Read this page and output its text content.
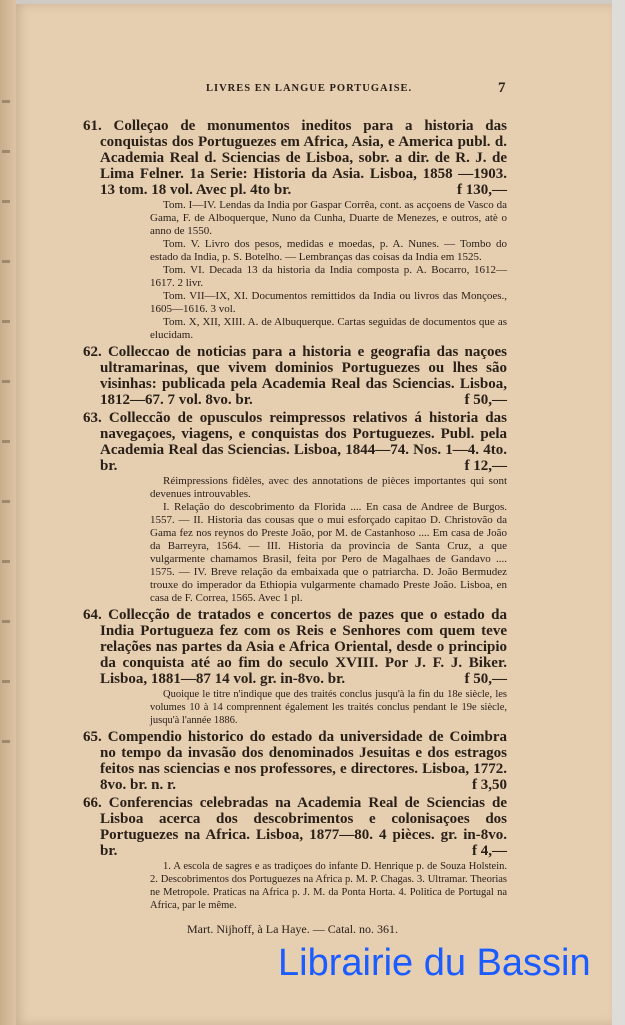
LIVRES EN LANGUE PORTUGAISE.	7
61. Colleçao de monumentos ineditos para a historia das conquistas dos Portuguezes em Africa, Asia, e America publ. d. Academia Real d. Sciencias de Lisboa, sobr. a dir. de R. J. de Lima Felner. 1a Serie: Historia da Asia. Lisboa, 1858 —1903. 13 tom. 18 vol. Avec pl. 4to br.	f 130,—

Tom. I—IV. Lendas da India por Gaspar Corrêa, cont. as acçoens de Vasco da Gama, F. de Alboquerque, Nuno da Cunha, Duarte de Menezes, e outros, atè o anno de 1550.

Tom. V. Livro dos pesos, medidas e moedas, p. A. Nunes. — Tombo do estado da India, p. S. Botelho. — Lembranças das coisas da India em 1525.

Tom. VI. Decada 13 da historia da India composta p. A. Bocarro, 1612—1617. 2 livr.

Tom. VII—IX, XI. Documentos remittidos da India ou livros das Monçoes., 1605—1616. 3 vol.

Tom. X, XII, XIII. A. de Albuquerque. Cartas seguidas de documentos que as elucidam.

62. Colleccao de noticias para a historia e geografia das naçoes ultramarinas, que vivem dominios Portuguezes ou lhes são visinhas: publicada pela Academia Real das Sciencias. Lisboa, 1812—67. 7 vol. 8vo. br.	f 50,—
63. Colleccão de opusculos reimpressos relativos á historia das navegaçoes, viagens, e conquistas dos Portuguezes. Publ. pela Academia Real das Sciencias. Lisboa, 1844—74. Nos. 1—4. 4to. br.	f 12,—

Réimpressions fidèles, avec des annotations de pièces importantes qui sont devenues introuvables.

I. Relação do descobrimento da Florida .... En casa de Andree de Burgos. 1557. — II. Historia das cousas que o mui esforçado capitao D. Christovão da Gama fez nos reynos do Preste João, por M. de Castanhoso .... Em casa de João da Barreyra, 1564. — III. Historia da provincia de Santa Cruz, a que vulgarmente chamamos Brasil, feita por Pero de Magalhaes de Gandavo .... 1575. — IV. Breve relação da embaixada que o patriarcha. D. João Bermudez trouxe do imperador da Ethiopia vulgarmente chamado Preste João. Lisboa, en casa de F. Correa, 1565. Avec 1 pl.

64. Collecção de tratados e concertos de pazes que o estado da India Portugueza fez com os Reis e Senhores com quem teve relações nas partes da Asia e Africa Oriental, desde o principio da conquista até ao fim do seculo XVIII. Por J. F. J. Biker. Lisboa, 1881—87 14 vol. gr. in-8vo. br.	f 50,—

Quoique le titre n'indique que des traités conclus jusqu'à la fin du 18e siècle, les volumes 10 à 14 comprennent également les traités conclus pendant le 19e siècle, jusqu'à l'année 1886.

65. Compendio historico do estado da universidade de Coimbra no tempo da invasão dos denominados Jesuitas e dos estragos feitos nas sciencias e nos professores, e directores. Lisboa, 1772. 8vo. br. n. r.	f 3,50
66. Conferencias celebradas na Academia Real de Sciencias de Lisboa acerca dos descobrimentos e colonisaçoes dos Portuguezes na Africa. Lisboa, 1877—80. 4 pièces. gr. in-8vo. br.	f 4,—

1. A escola de sagres e as tradiçoes do infante D. Henrique p. de Souza Holstein. 2. Descobrimentos dos Portuguezes na Africa p. M. P. Chagas. 3. Ultramar. Theorias ne Metropole. Praticas na Africa p. J. M. da Ponta Horta. 4. Politica de Portugal na Africa, par le même.

Mart. Nijhoff, à La Haye. — Catal. no. 361.
Librairie du Bassin
